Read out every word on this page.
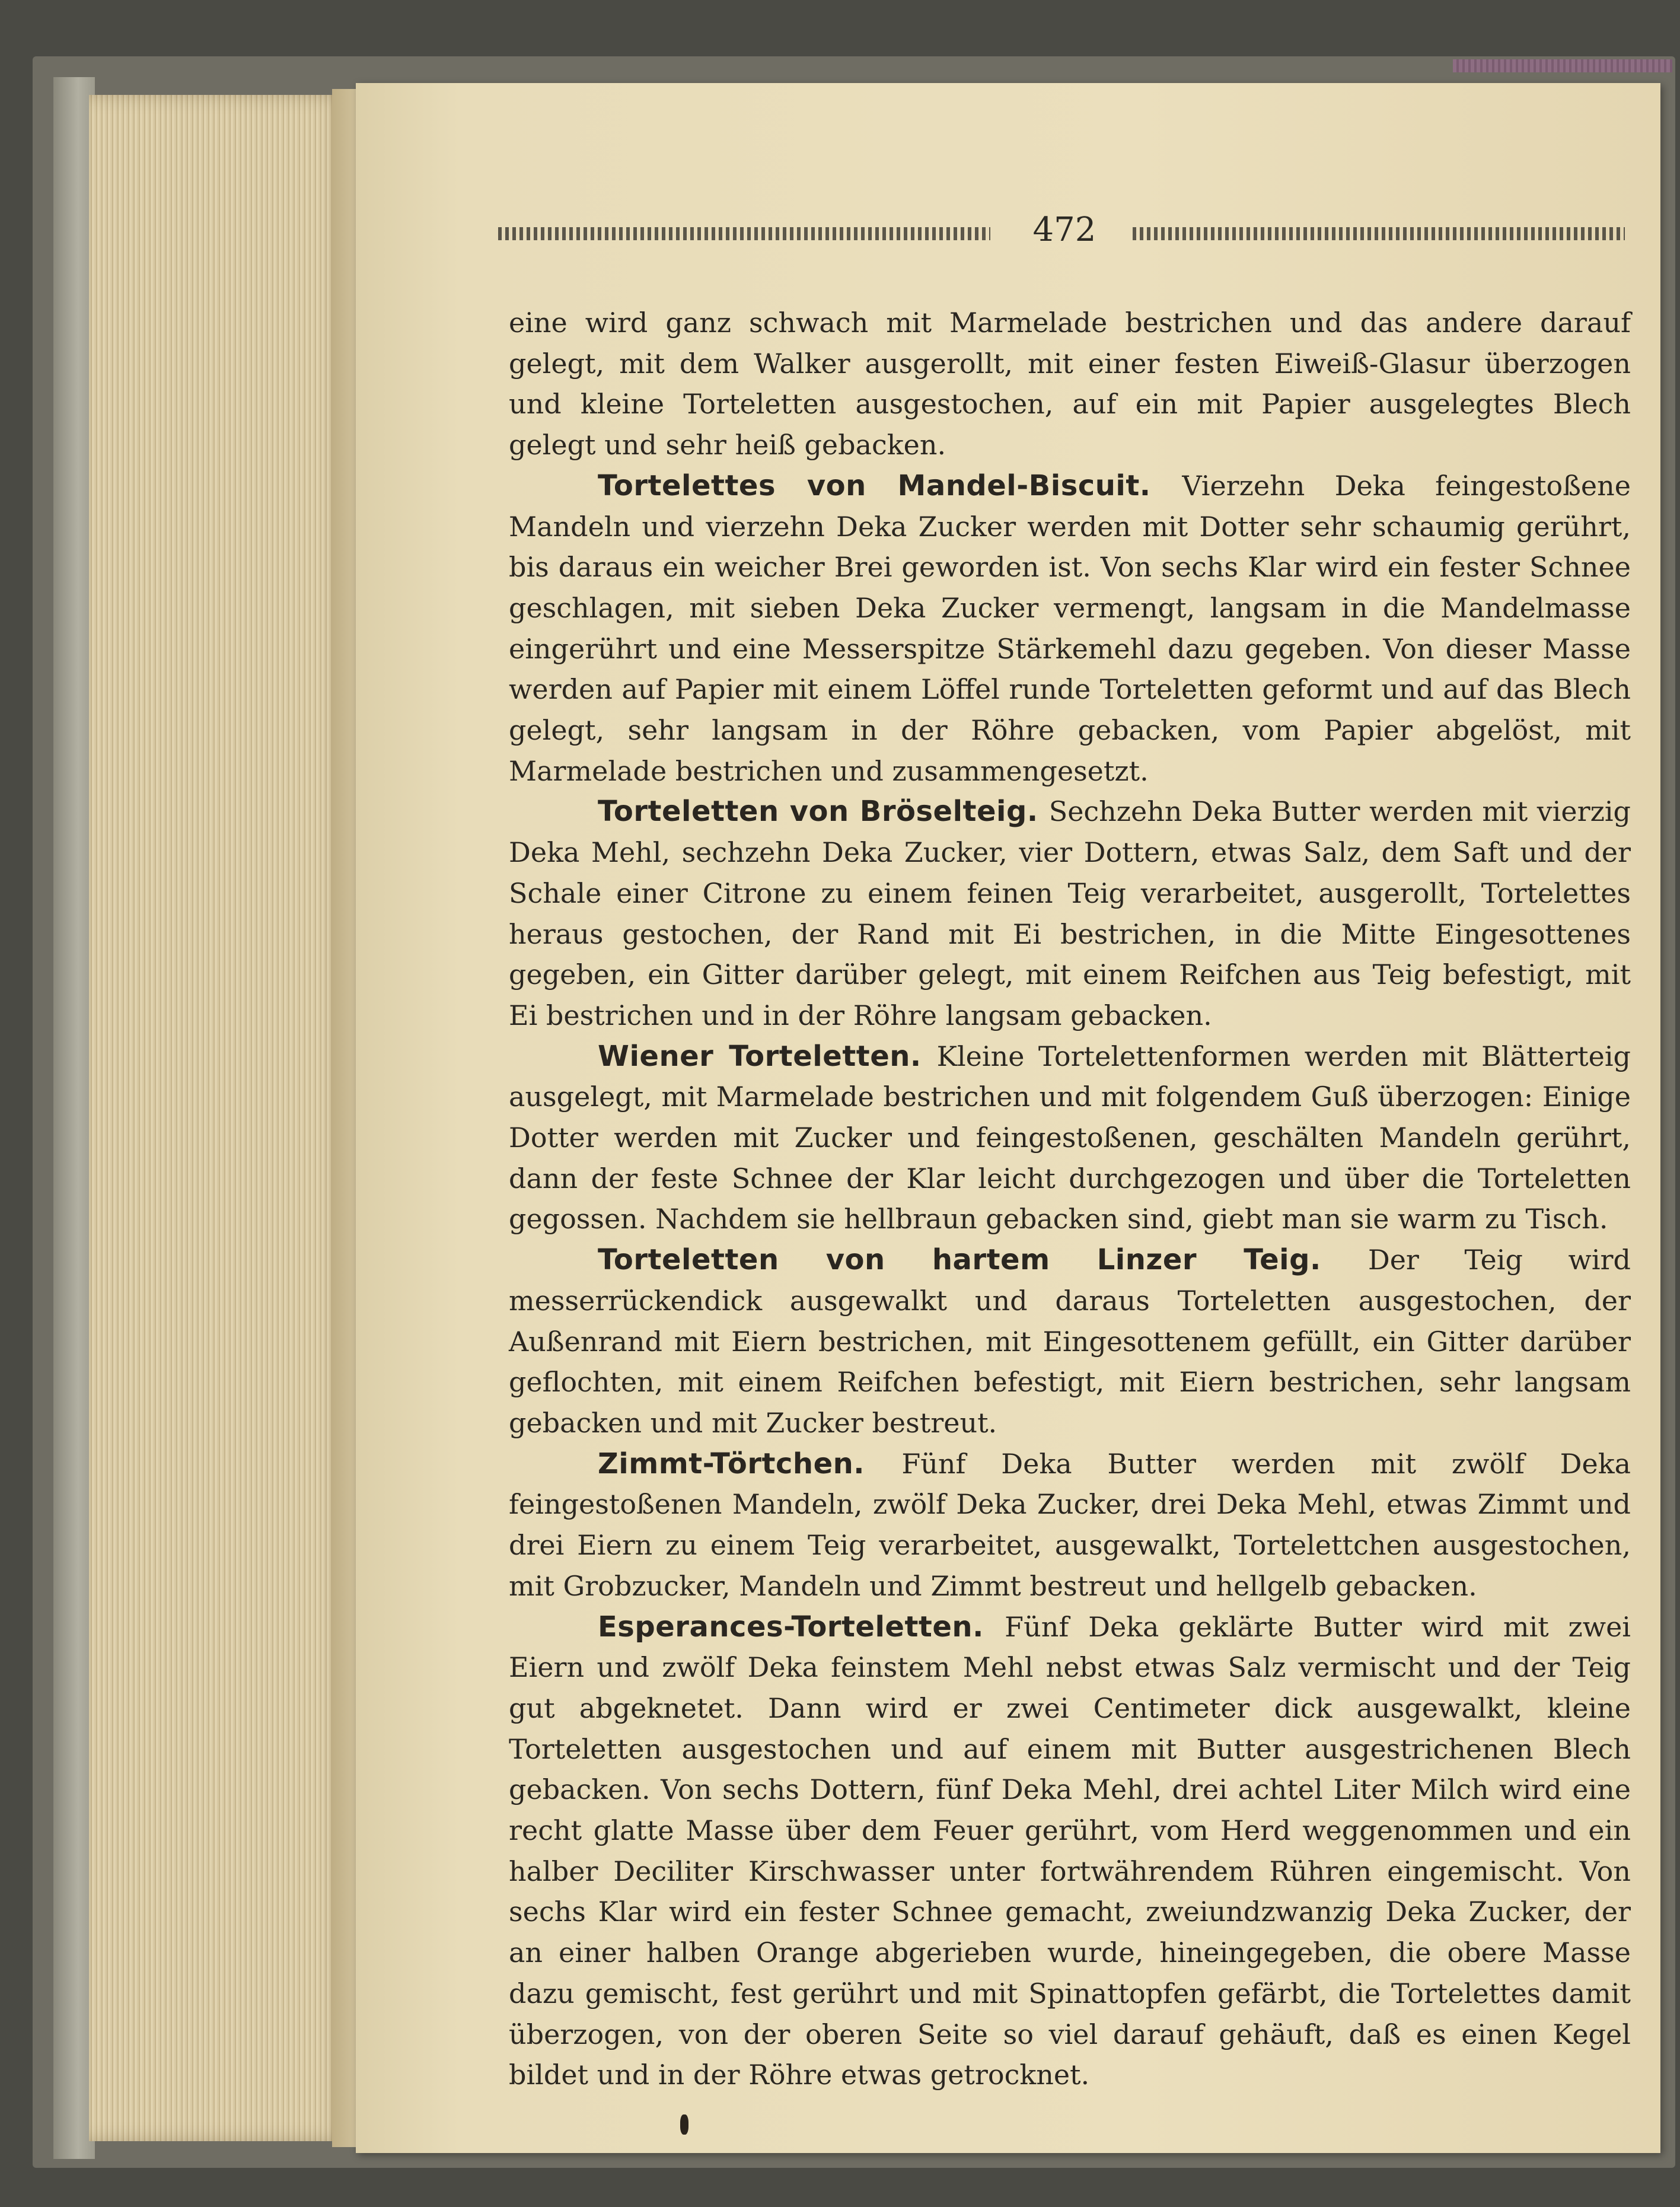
472

eine wird ganz schwach mit Marmelade bestrichen und das andere darauf gelegt, mit dem Walker ausgerollt, mit einer festen Eiweiß-Glasur überzogen und kleine Torteletten ausgestochen, auf ein mit Papier ausgelegtes Blech gelegt und sehr heiß gebacken.

Tortelettes von Mandel-Biscuit. Vierzehn Deka feingestoßene Mandeln und vierzehn Deka Zucker werden mit Dotter sehr schaumig gerührt, bis daraus ein weicher Brei geworden ist. Von sechs Klar wird ein fester Schnee geschlagen, mit sieben Deka Zucker vermengt, langsam in die Mandelmasse eingerührt und eine Messerspitze Stärkemehl dazu gegeben. Von dieser Masse werden auf Papier mit einem Löffel runde Torteletten geformt und auf das Blech gelegt, sehr langsam in der Röhre gebacken, vom Papier abgelöst, mit Marmelade bestrichen und zusammengesetzt.

Torteletten von Bröselteig. Sechzehn Deka Butter werden mit vierzig Deka Mehl, sechzehn Deka Zucker, vier Dottern, etwas Salz, dem Saft und der Schale einer Citrone zu einem feinen Teig verarbeitet, ausgerollt, Tortelettes heraus gestochen, der Rand mit Ei bestrichen, in die Mitte Eingesottenes gegeben, ein Gitter darüber gelegt, mit einem Reifchen aus Teig befestigt, mit Ei bestrichen und in der Röhre langsam gebacken.

Wiener Torteletten. Kleine Tortelettenformen werden mit Blätterteig ausgelegt, mit Marmelade bestrichen und mit folgendem Guß überzogen: Einige Dotter werden mit Zucker und feingestoßenen, geschälten Mandeln gerührt, dann der feste Schnee der Klar leicht durchgezogen und über die Torteletten gegossen. Nachdem sie hellbraun gebacken sind, giebt man sie warm zu Tisch.

Torteletten von hartem Linzer Teig. Der Teig wird messerrückendick ausgewalkt und daraus Torteletten ausgestochen, der Außenrand mit Eiern bestrichen, mit Eingesottenem gefüllt, ein Gitter darüber geflochten, mit einem Reifchen befestigt, mit Eiern bestrichen, sehr langsam gebacken und mit Zucker bestreut.

Zimmt-Törtchen. Fünf Deka Butter werden mit zwölf Deka feingestoßenen Mandeln, zwölf Deka Zucker, drei Deka Mehl, etwas Zimmt und drei Eiern zu einem Teig verarbeitet, ausgewalkt, Tortelettchen ausgestochen, mit Grobzucker, Mandeln und Zimmt bestreut und hellgelb gebacken.

Esperances-Torteletten. Fünf Deka geklärte Butter wird mit zwei Eiern und zwölf Deka feinstem Mehl nebst etwas Salz vermischt und der Teig gut abgeknetet. Dann wird er zwei Centimeter dick ausgewalkt, kleine Torteletten ausgestochen und auf einem mit Butter ausgestrichenen Blech gebacken. Von sechs Dottern, fünf Deka Mehl, drei achtel Liter Milch wird eine recht glatte Masse über dem Feuer gerührt, vom Herd weggenommen und ein halber Deciliter Kirschwasser unter fortwährendem Rühren eingemischt. Von sechs Klar wird ein fester Schnee gemacht, zweiundzwanzig Deka Zucker, der an einer halben Orange abgerieben wurde, hineingegeben, die obere Masse dazu gemischt, fest gerührt und mit Spinattopfen gefärbt, die Tortelettes damit überzogen, von der oberen Seite so viel darauf gehäuft, daß es einen Kegel bildet und in der Röhre etwas getrocknet.
